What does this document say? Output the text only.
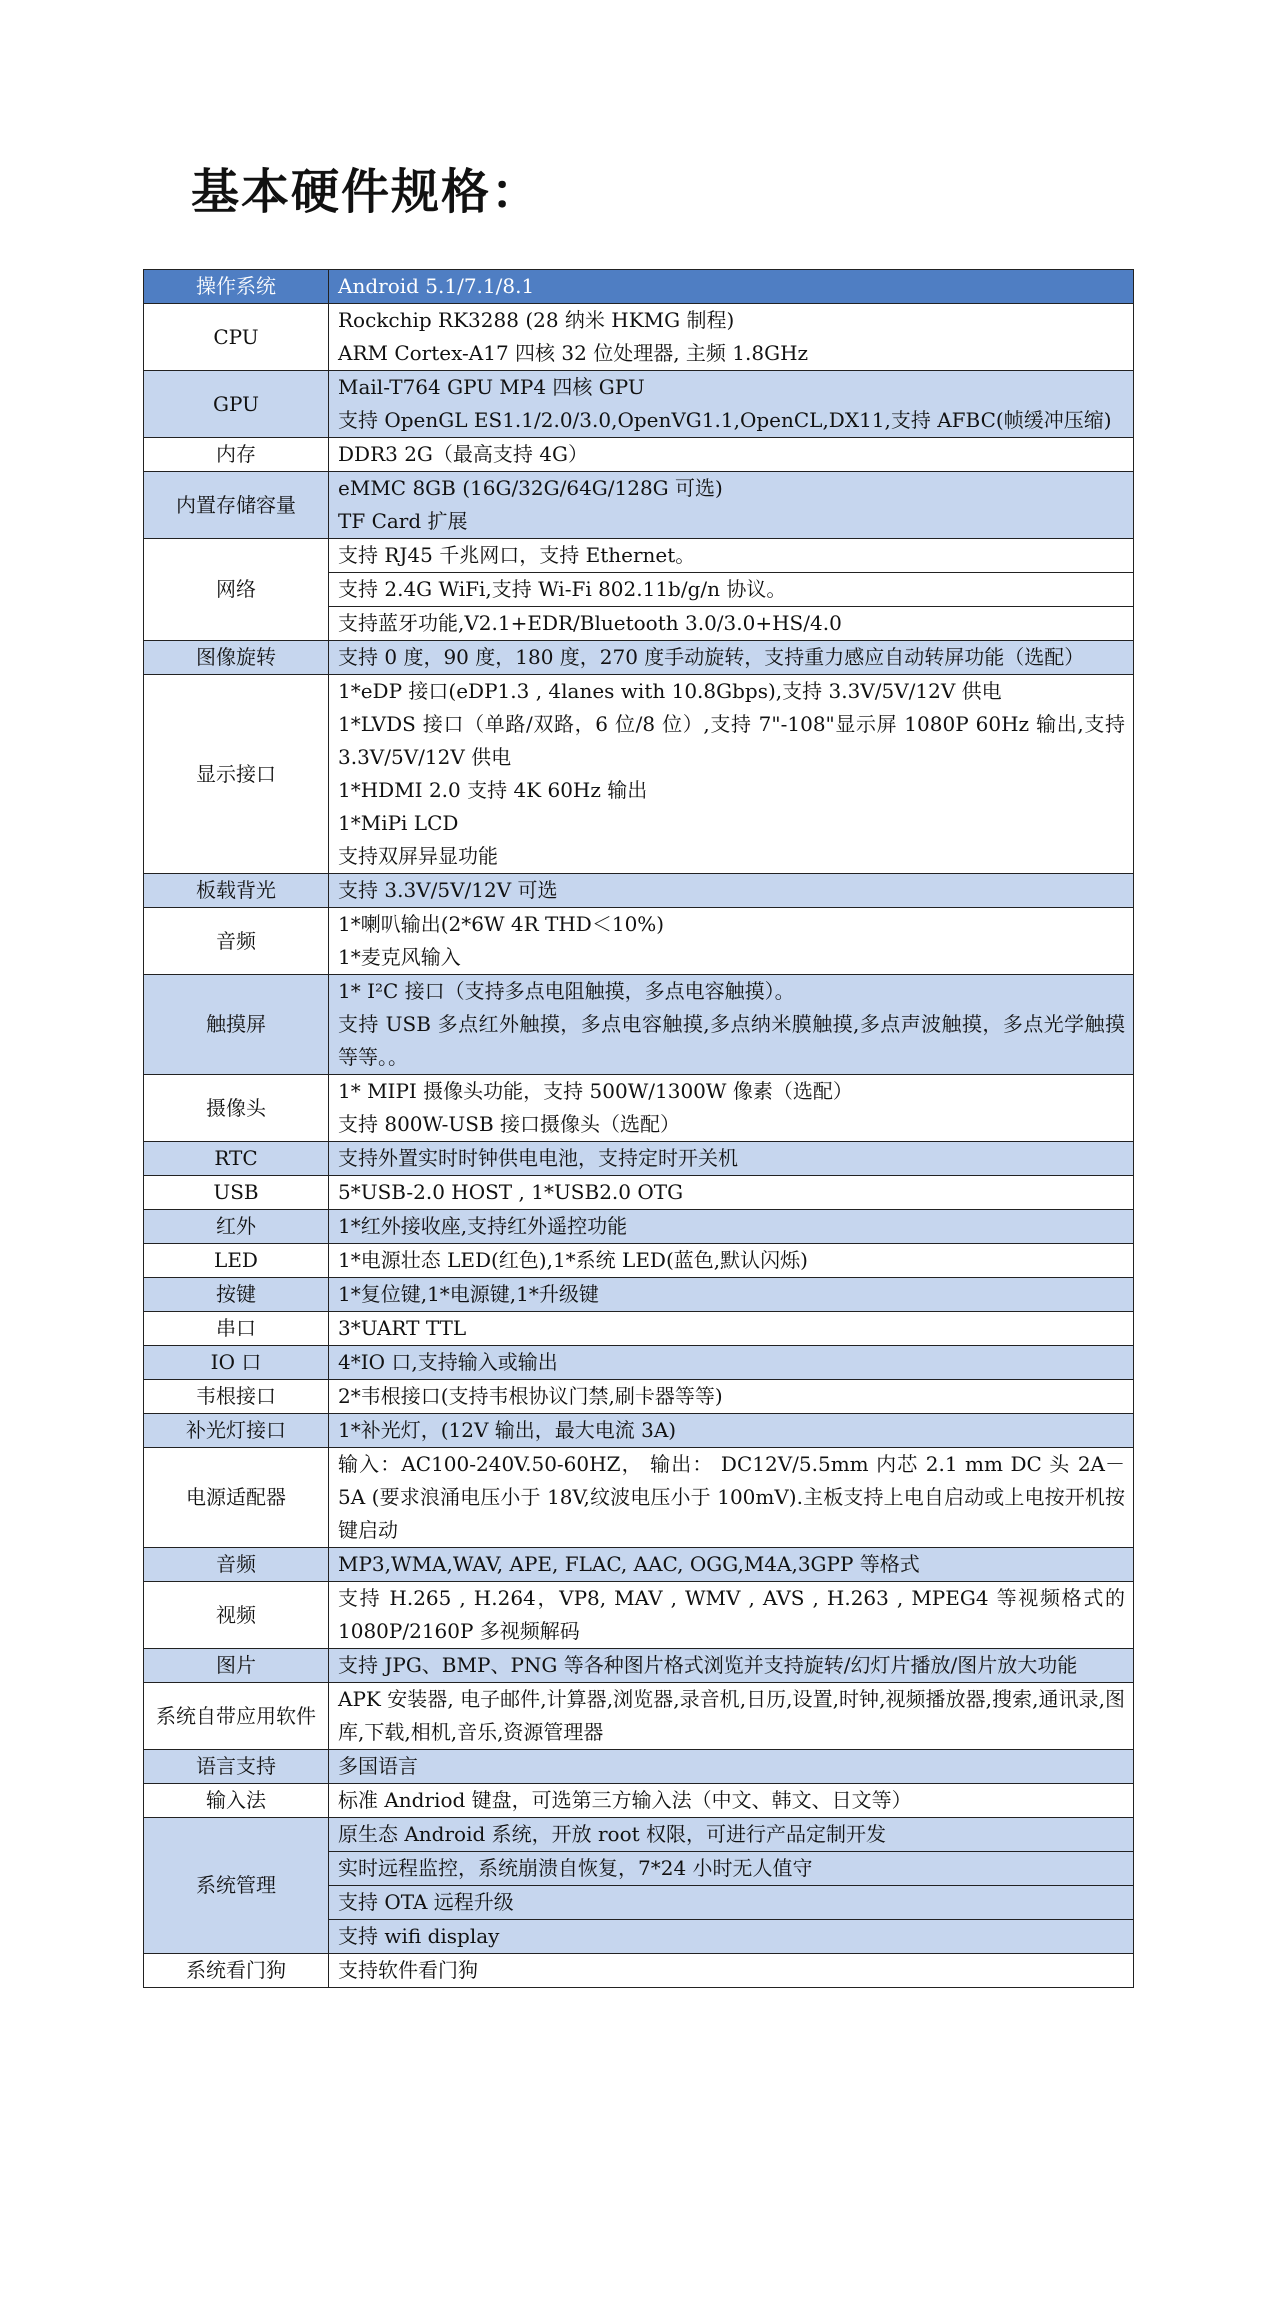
基本硬件规格：
操作系统	Android 5.1/7.1/8.1

CPU	Rockchip RK3288 (28 纳米 HKMG 制程)
ARM Cortex-A17 四核 32 位处理器, 主频 1.8GHz

GPU	Mail-T764 GPU MP4 四核 GPU
支持 OpenGL ES1.1/2.0/3.0,OpenVG1.1,OpenCL,DX11,支持 AFBC(帧缓冲压缩)

内存	DDR3 2G（最高支持 4G）

内置存储容量	eMMC 8GB (16G/32G/64G/128G 可选)
TF Card 扩展

网络	支持 RJ45 千兆网口，支持 Ethernet。
	支持 2.4G WiFi,支持 Wi-Fi 802.11b/g/n 协议。
	支持蓝牙功能,V2.1+EDR/Bluetooth 3.0/3.0+HS/4.0
图像旋转	支持 0 度，90 度，180 度，270 度手动旋转，支持重力感应自动转屏功能（选配）

显示接口	1*eDP 接口(eDP1.3 , 4lanes with 10.8Gbps),支持 3.3V/5V/12V 供电
1*LVDS 接口（单路/双路，6 位/8 位）,支持 7"-108"显示屏 1080P 60Hz 输出,支持 3.3V/5V/12V 供电
1*HDMI 2.0 支持 4K 60Hz 输出
1*MiPi LCD
支持双屏异显功能

板载背光	支持 3.3V/5V/12V 可选

音频	1*喇叭输出(2*6W 4R THD＜10%)
1*麦克风输入

触摸屏	1* I²C 接口（支持多点电阻触摸，多点电容触摸）。
支持 USB 多点红外触摸，多点电容触摸,多点纳米膜触摸,多点声波触摸，多点光学触摸等等。。

摄像头	1* MIPI 摄像头功能，支持 500W/1300W 像素（选配）
支持 800W-USB 接口摄像头（选配）

RTC	支持外置实时时钟供电电池，支持定时开关机

USB	5*USB-2.0 HOST , 1*USB2.0 OTG

红外	1*红外接收座,支持红外遥控功能

LED	1*电源壮态 LED(红色),1*系统 LED(蓝色,默认闪烁)

按键	1*复位键,1*电源键,1*升级键

串口	3*UART TTL

IO 口	4*IO 口,支持输入或输出

韦根接口	2*韦根接口(支持韦根协议门禁,刷卡器等等)

补光灯接口	1*补光灯，(12V 输出，最大电流 3A)

电源适配器	输入：AC100-240V.50-60HZ， 输出： DC12V/5.5mm 内芯 2.1 mm DC 头 2A－5A (要求浪涌电压小于 18V,纹波电压小于 100mV).主板支持上电自启动或上电按开机按键启动

音频	MP3,WMA,WAV, APE, FLAC, AAC, OGG,M4A,3GPP 等格式

视频	支持 H.265 , H.264，VP8, MAV , WMV , AVS , H.263 , MPEG4 等视频格式的 1080P/2160P 多视频解码

图片	支持 JPG、BMP、PNG 等各种图片格式浏览并支持旋转/幻灯片播放/图片放大功能

系统自带应用软件	APK 安装器, 电子邮件,计算器,浏览器,录音机,日历,设置,时钟,视频播放器,搜索,通讯录,图库,下载,相机,音乐,资源管理器

语言支持	多国语言

输入法	标准 Andriod 键盘，可选第三方输入法（中文、韩文、日文等）

系统管理	原生态 Android 系统，开放 root 权限，可进行产品定制开发
	实时远程监控，系统崩溃自恢复，7*24 小时无人值守
	支持 OTA 远程升级
	支持 wifi display
系统看门狗	支持软件看门狗
